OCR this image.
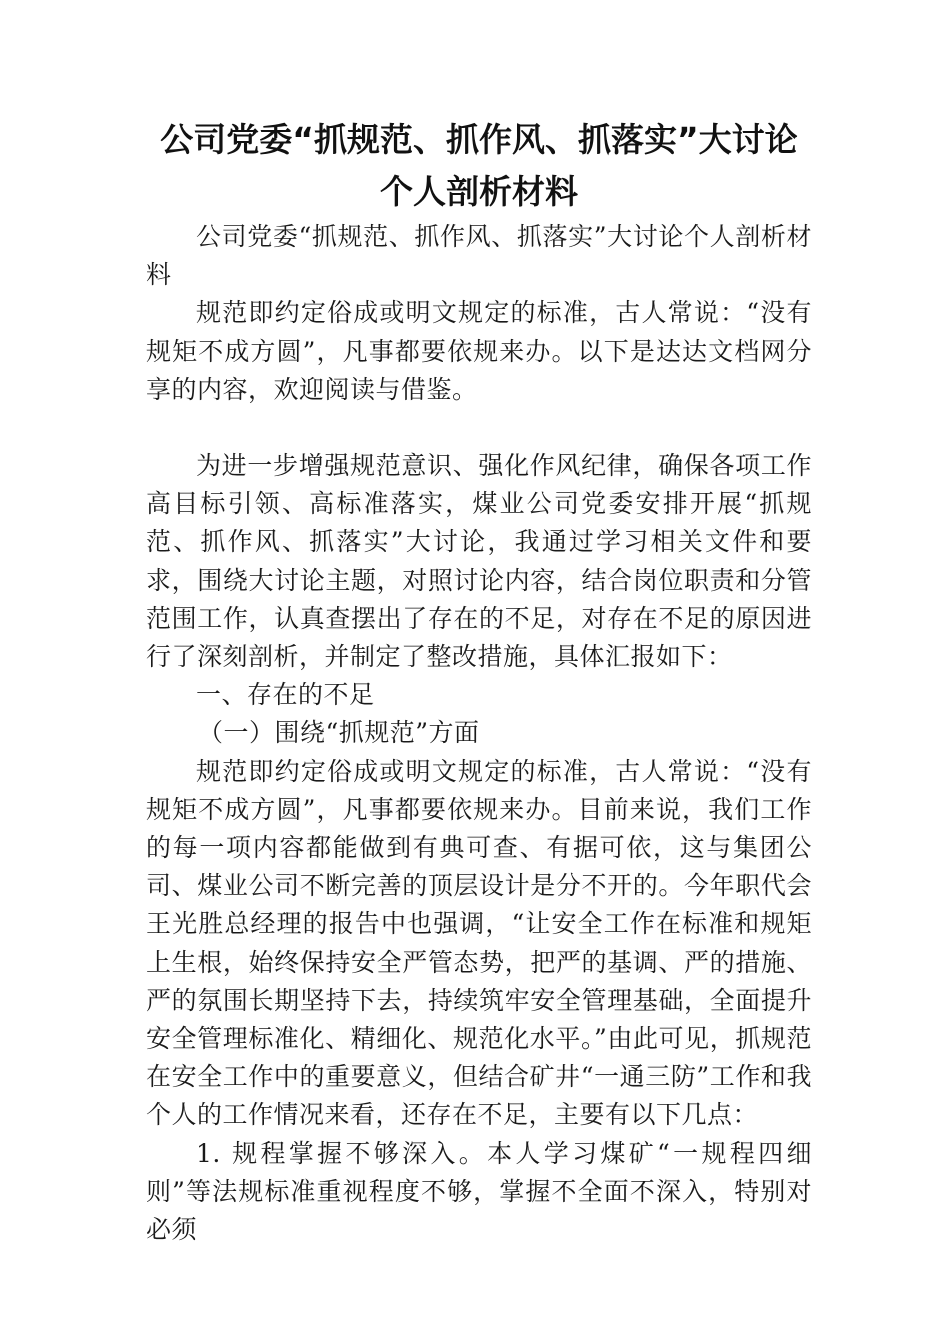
公司党委“抓规范、抓作风、抓落实”大讨论
个人剖析材料

公司党委“抓规范、抓作风、抓落实”大讨论个人剖析材料

规范即约定俗成或明文规定的标准，古人常说：“没有规矩不成方圆”，凡事都要依规来办。以下是达达文档网分享的内容，欢迎阅读与借鉴。

为进一步增强规范意识、强化作风纪律，确保各项工作高目标引领、高标准落实，煤业公司党委安排开展“抓规范、抓作风、抓落实”大讨论，我通过学习相关文件和要求，围绕大讨论主题，对照讨论内容，结合岗位职责和分管范围工作，认真查摆出了存在的不足，对存在不足的原因进行了深刻剖析，并制定了整改措施，具体汇报如下：

一、存在的不足

（一）围绕“抓规范”方面

规范即约定俗成或明文规定的标准，古人常说：“没有规矩不成方圆”，凡事都要依规来办。目前来说，我们工作的每一项内容都能做到有典可查、有据可依，这与集团公司、煤业公司不断完善的顶层设计是分不开的。今年职代会王光胜总经理的报告中也强调，“让安全工作在标准和规矩上生根，始终保持安全严管态势，把严的基调、严的措施、严的氛围长期坚持下去，持续筑牢安全管理基础，全面提升安全管理标准化、精细化、规范化水平。”由此可见，抓规范在安全工作中的重要意义，但结合矿井“一通三防”工作和我个人的工作情况来看，还存在不足，主要有以下几点：

1. 规程掌握不够深入。本人学习煤矿“一规程四细则”等法规标准重视程度不够，掌握不全面不深入，特别对必须
